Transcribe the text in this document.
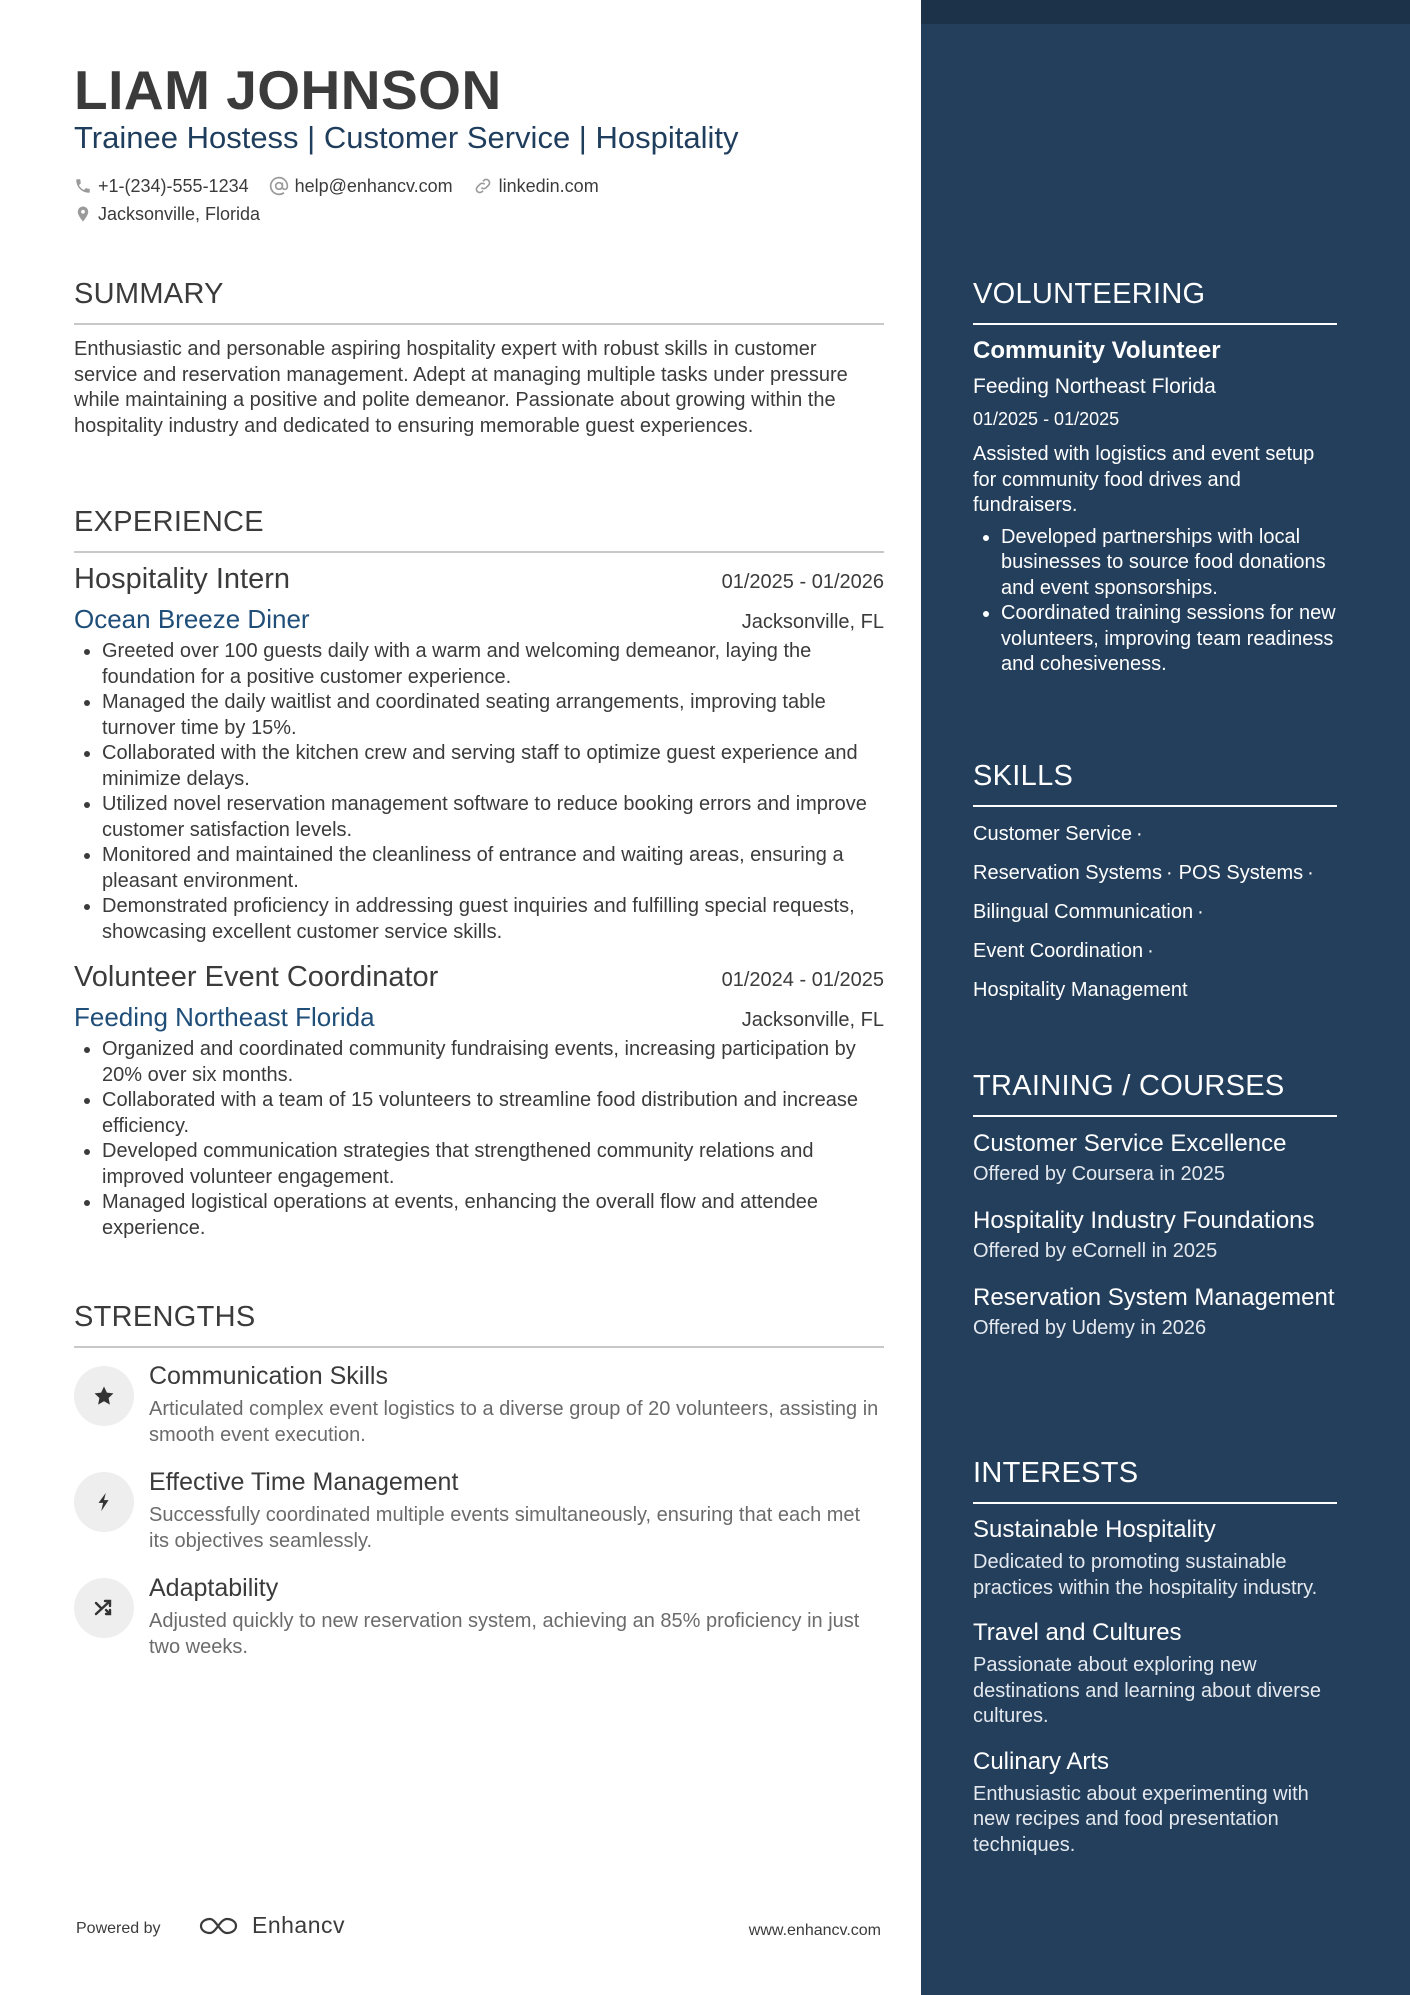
LIAM JOHNSON
Trainee Hostess | Customer Service | Hospitality
+1-(234)-555-1234	help@enhancv.com	linkedin.com
Jacksonville, Florida
SUMMARY

Enthusiastic and personable aspiring hospitality expert with robust skills in customer service and reservation management. Adept at managing multiple tasks under pressure while maintaining a positive and polite demeanor. Passionate about growing within the hospitality industry and dedicated to ensuring memorable guest experiences.

EXPERIENCE
Hospitality Intern	01/2025 - 01/2026
Ocean Breeze Diner	Jacksonville, FL
• Greeted over 100 guests daily with a warm and welcoming demeanor, laying the foundation for a positive customer experience.
• Managed the daily waitlist and coordinated seating arrangements, improving table turnover time by 15%.
• Collaborated with the kitchen crew and serving staff to optimize guest experience and minimize delays.
• Utilized novel reservation management software to reduce booking errors and improve customer satisfaction levels.
• Monitored and maintained the cleanliness of entrance and waiting areas, ensuring a pleasant environment.
• Demonstrated proficiency in addressing guest inquiries and fulfilling special requests, showcasing excellent customer service skills.
Volunteer Event Coordinator	01/2024 - 01/2025
Feeding Northeast Florida	Jacksonville, FL
• Organized and coordinated community fundraising events, increasing participation by 20% over six months.
• Collaborated with a team of 15 volunteers to streamline food distribution and increase efficiency.
• Developed communication strategies that strengthened community relations and improved volunteer engagement.
• Managed logistical operations at events, enhancing the overall flow and attendee experience.
STRENGTHS
Communication Skills
Articulated complex event logistics to a diverse group of 20 volunteers, assisting in smooth event execution.
Effective Time Management
Successfully coordinated multiple events simultaneously, ensuring that each met its objectives seamlessly.
Adaptability
Adjusted quickly to new reservation system, achieving an 85% proficiency in just two weeks.
Powered by	Enhancv	www.enhancv.com
VOLUNTEERING
Community Volunteer
Feeding Northeast Florida
01/2025 - 01/2025
Assisted with logistics and event setup for community food drives and fundraisers.
• Developed partnerships with local businesses to source food donations and event sponsorships.
• Coordinated training sessions for new volunteers, improving team readiness and cohesiveness.
SKILLS
Customer Service ·
Reservation Systems · POS Systems ·
Bilingual Communication ·
Event Coordination ·
Hospitality Management
TRAINING / COURSES
Customer Service Excellence
Offered by Coursera in 2025
Hospitality Industry Foundations
Offered by eCornell in 2025
Reservation System Management
Offered by Udemy in 2026
INTERESTS
Sustainable Hospitality
Dedicated to promoting sustainable practices within the hospitality industry.
Travel and Cultures
Passionate about exploring new destinations and learning about diverse cultures.
Culinary Arts
Enthusiastic about experimenting with new recipes and food presentation techniques.
